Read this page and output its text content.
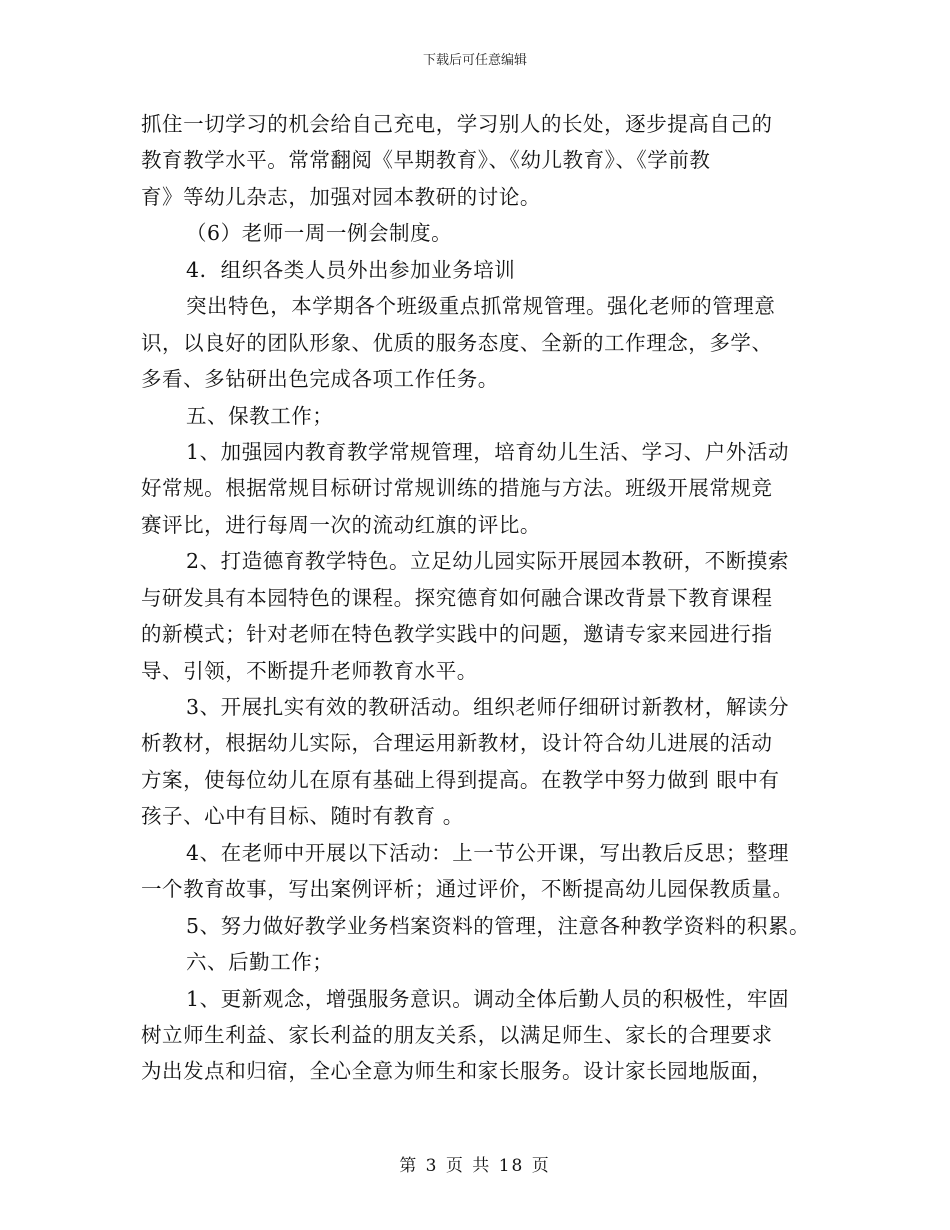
下载后可任意编辑
抓住一切学习的机会给自己充电，学习别人的长处，逐步提高自己的
教育教学水平。常常翻阅《早期教育》、《幼儿教育》、《学前教
育》等幼儿杂志，加强对园本教研的讨论。
（6）老师一周一例会制度。
4．组织各类人员外出参加业务培训
突出特色，本学期各个班级重点抓常规管理。强化老师的管理意
识，以良好的团队形象、优质的服务态度、全新的工作理念，多学、
多看、多钻研出色完成各项工作任务。
五、保教工作；
1、加强园内教育教学常规管理，培育幼儿生活、学习、户外活动
好常规。根据常规目标研讨常规训练的措施与方法。班级开展常规竞
赛评比，进行每周一次的流动红旗的评比。
2、打造德育教学特色。立足幼儿园实际开展园本教研，不断摸索
与研发具有本园特色的课程。探究德育如何融合课改背景下教育课程
的新模式；针对老师在特色教学实践中的问题，邀请专家来园进行指
导、引领，不断提升老师教育水平。
3、开展扎实有效的教研活动。组织老师仔细研讨新教材，解读分
析教材，根据幼儿实际，合理运用新教材，设计符合幼儿进展的活动
方案，使每位幼儿在原有基础上得到提高。在教学中努力做到 眼中有
孩子、心中有目标、随时有教育 。
4、在老师中开展以下活动：上一节公开课，写出教后反思；整理
一个教育故事，写出案例评析；通过评价，不断提高幼儿园保教质量。
5、努力做好教学业务档案资料的管理，注意各种教学资料的积累。
六、后勤工作；
1、更新观念，增强服务意识。调动全体后勤人员的积极性，牢固
树立师生利益、家长利益的朋友关系，以满足师生、家长的合理要求
为出发点和归宿，全心全意为师生和家长服务。设计家长园地版面，
第 3 页 共 18 页
